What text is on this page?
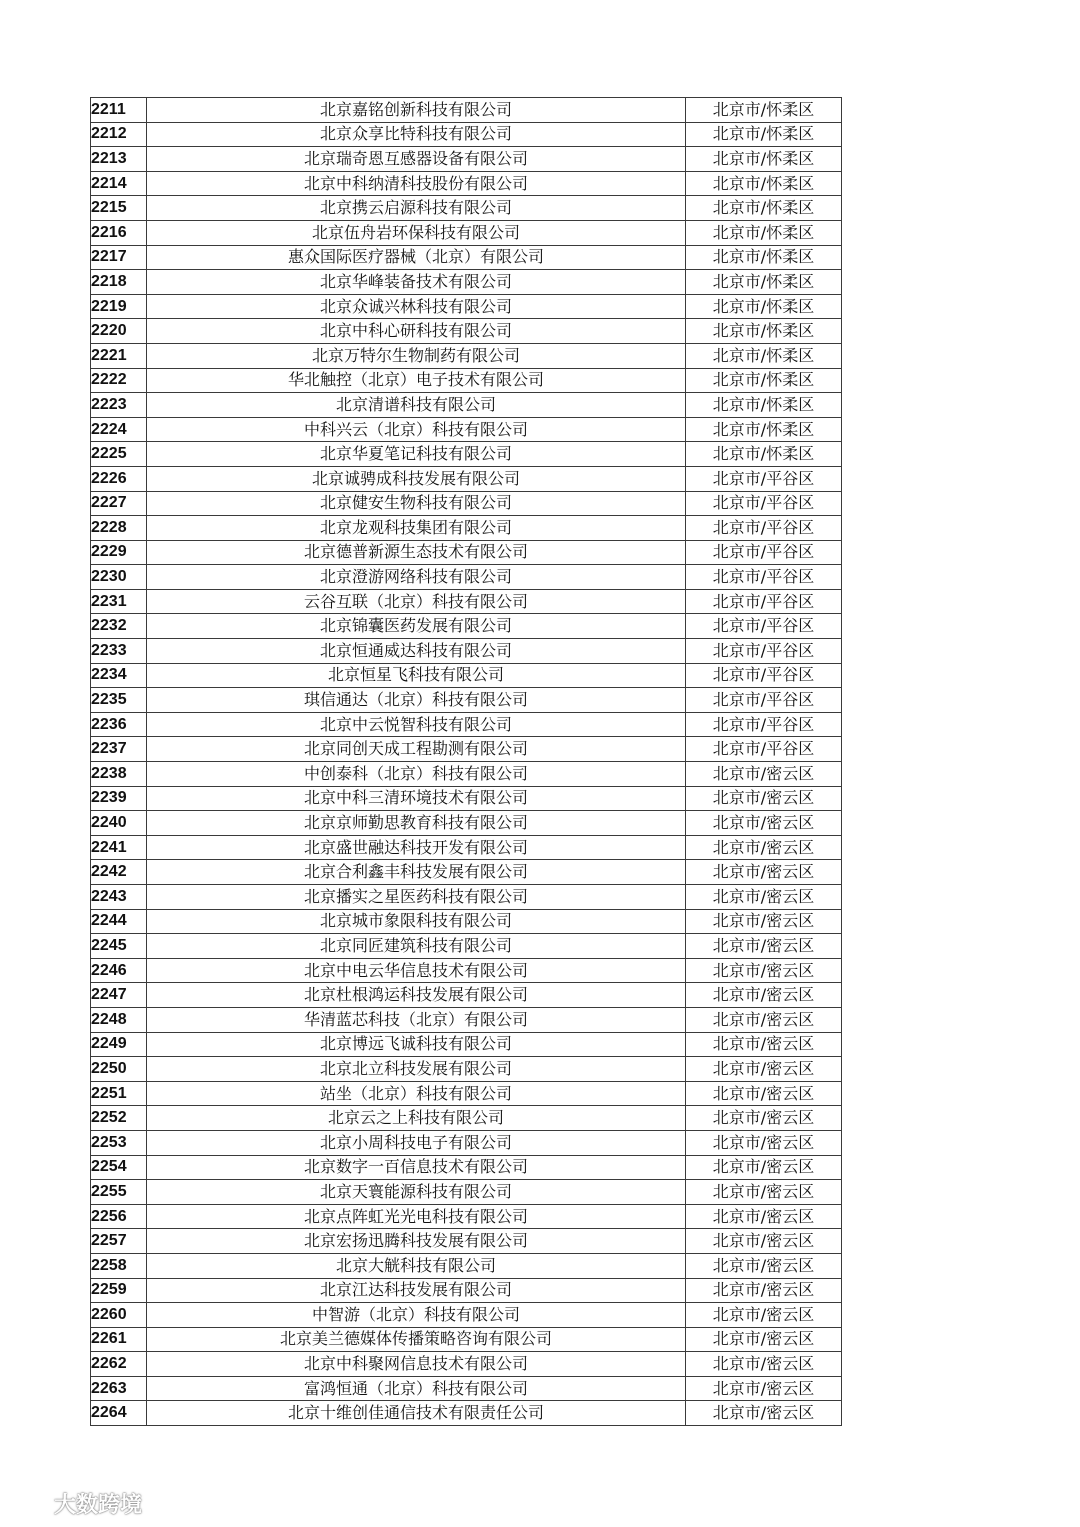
2211	北京嘉铭创新科技有限公司	北京市/怀柔区
2212	北京众享比特科技有限公司	北京市/怀柔区
2213	北京瑞奇恩互感器设备有限公司	北京市/怀柔区
2214	北京中科纳清科技股份有限公司	北京市/怀柔区
2215	北京携云启源科技有限公司	北京市/怀柔区
2216	北京伍舟岩环保科技有限公司	北京市/怀柔区
2217	惠众国际医疗器械（北京）有限公司	北京市/怀柔区
2218	北京华峰装备技术有限公司	北京市/怀柔区
2219	北京众诚兴林科技有限公司	北京市/怀柔区
2220	北京中科心研科技有限公司	北京市/怀柔区
2221	北京万特尔生物制药有限公司	北京市/怀柔区
2222	华北触控（北京）电子技术有限公司	北京市/怀柔区
2223	北京清谱科技有限公司	北京市/怀柔区
2224	中科兴云（北京）科技有限公司	北京市/怀柔区
2225	北京华夏笔记科技有限公司	北京市/怀柔区
2226	北京诚骋成科技发展有限公司	北京市/平谷区
2227	北京健安生物科技有限公司	北京市/平谷区
2228	北京龙观科技集团有限公司	北京市/平谷区
2229	北京德普新源生态技术有限公司	北京市/平谷区
2230	北京澄游网络科技有限公司	北京市/平谷区
2231	云谷互联（北京）科技有限公司	北京市/平谷区
2232	北京锦囊医药发展有限公司	北京市/平谷区
2233	北京恒通威达科技有限公司	北京市/平谷区
2234	北京恒星飞科技有限公司	北京市/平谷区
2235	琪信通达（北京）科技有限公司	北京市/平谷区
2236	北京中云悦智科技有限公司	北京市/平谷区
2237	北京同创天成工程勘测有限公司	北京市/平谷区
2238	中创泰科（北京）科技有限公司	北京市/密云区
2239	北京中科三清环境技术有限公司	北京市/密云区
2240	北京京师勤思教育科技有限公司	北京市/密云区
2241	北京盛世融达科技开发有限公司	北京市/密云区
2242	北京合利鑫丰科技发展有限公司	北京市/密云区
2243	北京播实之星医药科技有限公司	北京市/密云区
2244	北京城市象限科技有限公司	北京市/密云区
2245	北京同匠建筑科技有限公司	北京市/密云区
2246	北京中电云华信息技术有限公司	北京市/密云区
2247	北京杜根鸿运科技发展有限公司	北京市/密云区
2248	华清蓝芯科技（北京）有限公司	北京市/密云区
2249	北京博远飞诚科技有限公司	北京市/密云区
2250	北京北立科技发展有限公司	北京市/密云区
2251	站坐（北京）科技有限公司	北京市/密云区
2252	北京云之上科技有限公司	北京市/密云区
2253	北京小周科技电子有限公司	北京市/密云区
2254	北京数字一百信息技术有限公司	北京市/密云区
2255	北京天寰能源科技有限公司	北京市/密云区
2256	北京点阵虹光光电科技有限公司	北京市/密云区
2257	北京宏扬迅腾科技发展有限公司	北京市/密云区
2258	北京大觥科技有限公司	北京市/密云区
2259	北京江达科技发展有限公司	北京市/密云区
2260	中智游（北京）科技有限公司	北京市/密云区
2261	北京美兰德媒体传播策略咨询有限公司	北京市/密云区
2262	北京中科聚网信息技术有限公司	北京市/密云区
2263	富鸿恒通（北京）科技有限公司	北京市/密云区
2264	北京十维创佳通信技术有限责任公司	北京市/密云区
大数跨境
